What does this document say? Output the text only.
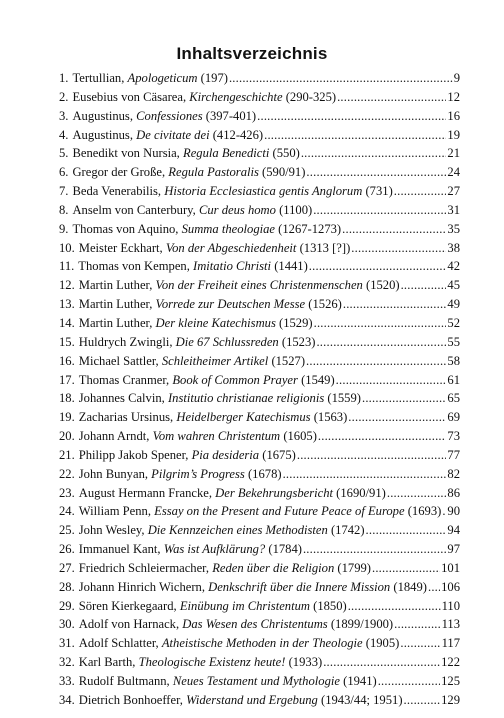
Inhaltsverzeichnis
1. Tertullian, Apologeticum (197) .....	9
2. Eusebius von Cäsarea, Kirchengeschichte (290-325) .....	12
3. Augustinus, Confessiones (397-401) .....	16
4. Augustinus, De civitate dei (412-426) .....	19
5. Benedikt von Nursia, Regula Benedicti (550) .....	21
6. Gregor der Große, Regula Pastoralis (590/91) .....	24
7. Beda Venerabilis, Historia Ecclesiastica gentis Anglorum (731) .....	27
8. Anselm von Canterbury, Cur deus homo (1100) .....	31
9. Thomas von Aquino, Summa theologiae (1267-1273) .....	35
10. Meister Eckhart, Von der Abgeschiedenheit (1313 [?]) .....	38
11. Thomas von Kempen, Imitatio Christi (1441) .....	42
12. Martin Luther, Von der Freiheit eines Christenmenschen (1520) .....	45
13. Martin Luther, Vorrede zur Deutschen Messe (1526) .....	49
14. Martin Luther, Der kleine Katechismus (1529) .....	52
15. Huldrych Zwingli, Die 67 Schlussreden (1523) .....	55
16. Michael Sattler, Schleitheimer Artikel (1527) .....	58
17. Thomas Cranmer, Book of Common Prayer (1549) .....	61
18. Johannes Calvin, Institutio christianae religionis (1559) .....	65
19. Zacharias Ursinus, Heidelberger Katechismus (1563) .....	69
20. Johann Arndt, Vom wahren Christentum (1605) .....	73
21. Philipp Jakob Spener, Pia desideria (1675) .....	77
22. John Bunyan, Pilgrim’s Progress (1678) .....	82
23. August Hermann Francke, Der Bekehrungsbericht (1690/91) .....	86
24. William Penn, Essay on the Present and Future Peace of Europe (1693) ..... 90
25. John Wesley, Die Kennzeichen eines Methodisten (1742) .....	94
26. Immanuel Kant, Was ist Aufklärung? (1784) .....	97
27. Friedrich Schleiermacher, Reden über die Religion (1799) .....	101
28. Johann Hinrich Wichern, Denkschrift über die Innere Mission (1849) ..... 106
29. Sören Kierkegaard, Einübung im Christentum (1850) .....	110
30. Adolf von Harnack, Das Wesen des Christentums (1899/1900) .....	113
31. Adolf Schlatter, Atheistische Methoden in der Theologie (1905) .....	117
32. Karl Barth, Theologische Existenz heute! (1933) .....	122
33. Rudolf Bultmann, Neues Testament und Mythologie (1941) .....	125
34. Dietrich Bonhoeffer, Widerstand und Ergebung (1943/44; 1951) .....	129
